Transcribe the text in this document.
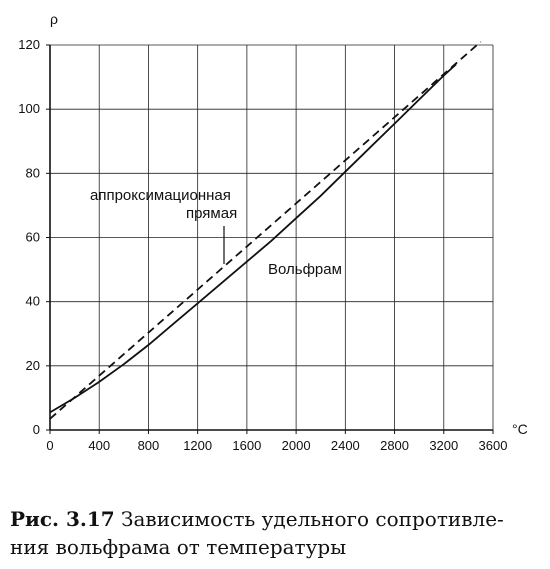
0	400 800 1200 1600 2000 2400 2800 3200 3600
0
20
40
60
80
100
120
ρ
°C
аппроксимационная
прямая
Вольфрам
Рис. 3.17 Зависимость удельного сопротивле-
ния вольфрама от температуры
